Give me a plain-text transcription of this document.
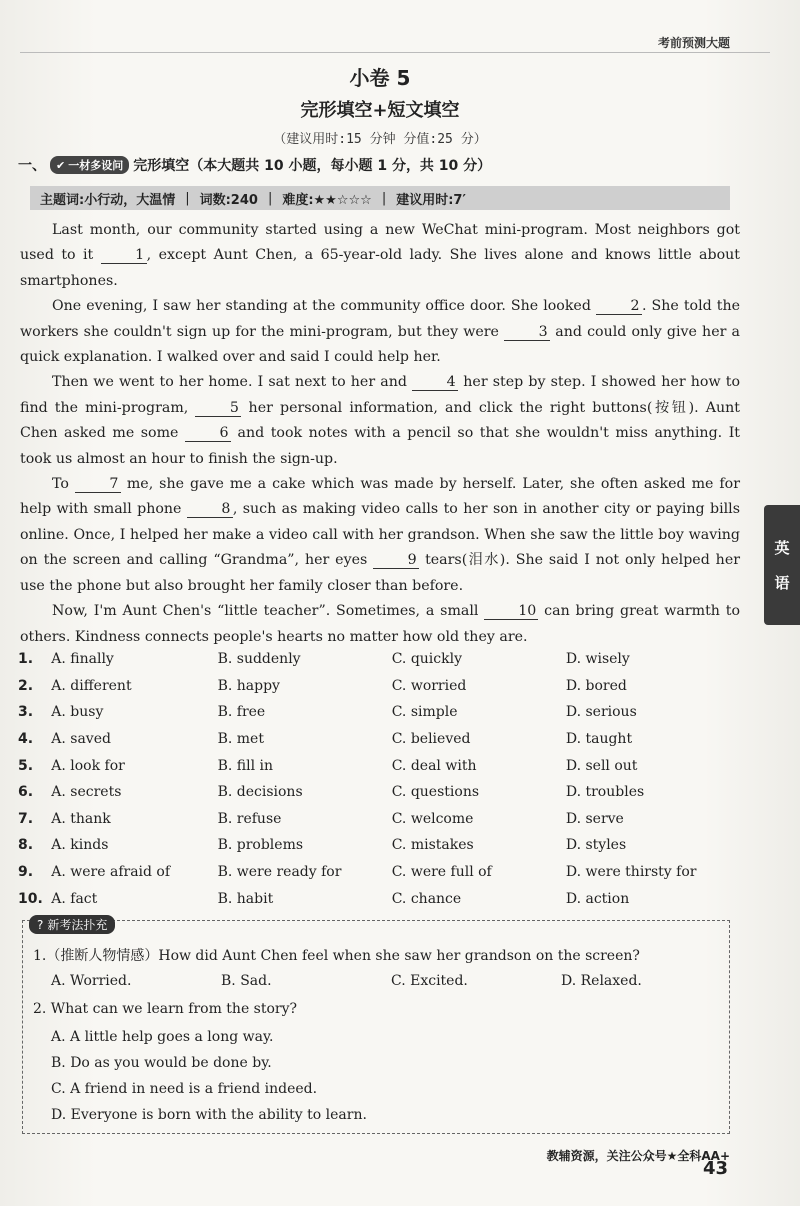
考前预测大题
小卷 5
完形填空+短文填空
（建议用时:15 分钟 分值:25 分）
一、 ✔ 一材多设问 完形填空（本大题共 10 小题，每小题 1 分，共 10 分）
主题词:小行动，大温情 | 词数:240 | 难度:★★☆☆☆ | 建议用时:7′

Last month, our community started using a new WeChat mini-program. Most neighbors got used to it 1 , except Aunt Chen, a 65-year-old lady. She lives alone and knows little about smartphones.

One evening, I saw her standing at the community office door. She looked 2 . She told the workers she couldn't sign up for the mini-program, but they were 3 and could only give her a quick explanation. I walked over and said I could help her.

Then we went to her home. I sat next to her and 4 her step by step. I showed her how to find the mini-program, 5 her personal information, and click the right buttons(按钮). Aunt Chen asked me some 6 and took notes with a pencil so that she wouldn't miss anything. It took us almost an hour to finish the sign-up.

To 7 me, she gave me a cake which was made by herself. Later, she often asked me for help with small phone 8 , such as making video calls to her son in another city or paying bills online. Once, I helped her make a video call with her grandson. When she saw the little boy waving on the screen and calling “Grandma”, her eyes 9 tears(泪水). She said I not only helped her use the phone but also brought her family closer than before.

Now, I'm Aunt Chen's “little teacher”. Sometimes, a small 10 can bring great warmth to others. Kindness connects people's hearts no matter how old they are.

1.	A. finally	B. suddenly	C. quickly	D. wisely
2.	A. different	B. happy	C. worried	D. bored
3.	A. busy	B. free	C. simple	D. serious
4.	A. saved	B. met	C. believed	D. taught
5.	A. look for	B. fill in	C. deal with	D. sell out
6.	A. secrets	B. decisions	C. questions	D. troubles
7.	A. thank	B. refuse	C. welcome	D. serve
8.	A. kinds	B. problems	C. mistakes	D. styles
9.	A. were afraid of	B. were ready for	C. were full of	D. were thirsty for
10. A. fact	B. habit	C. chance	D. action
? 新考法扑充
1.（推断人物情感）How did Aunt Chen feel when she saw her grandson on the screen?
A. Worried.	B. Sad.	C. Excited.	D. Relaxed.
2. What can we learn from the story?
A. A little help goes a long way.
B. Do as you would be done by.
C. A friend in need is a friend indeed.
D. Everyone is born with the ability to learn.
英
语
教辅资源，关注公众号★全科AA+
43
